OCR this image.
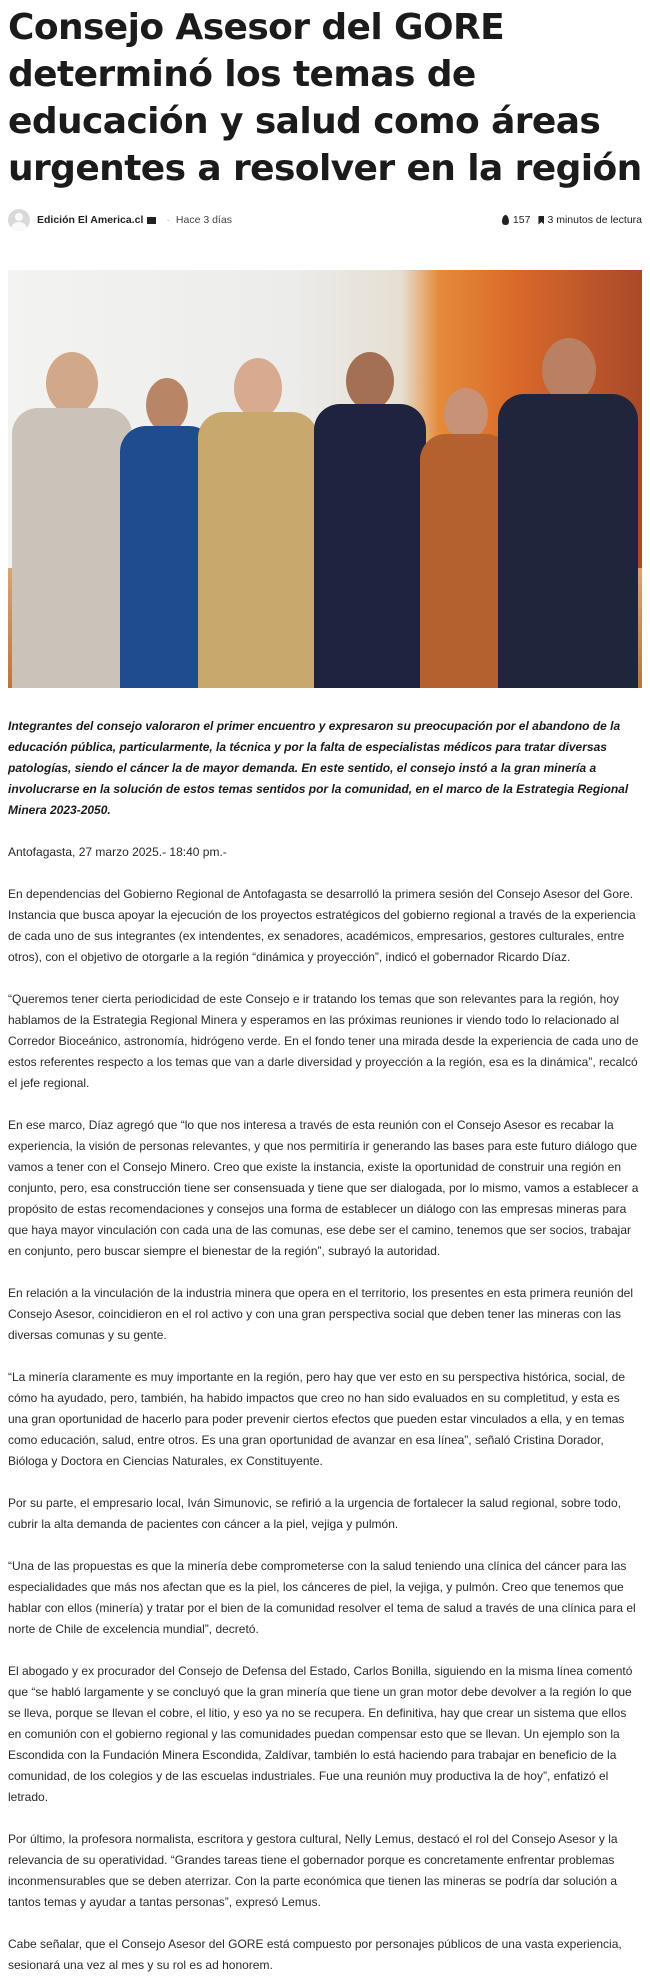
Consejo Asesor del GORE determinó los temas de educación y salud como áreas urgentes a resolver en la región
Edición El America.cl · Hace 3 días	157 3 minutos de lectura

Integrantes del consejo valoraron el primer encuentro y expresaron su preocupación por el abandono de la educación pública, particularmente, la técnica y por la falta de especialistas médicos para tratar diversas patologías, siendo el cáncer la de mayor demanda. En este sentido, el consejo instó a la gran minería a involucrarse en la solución de estos temas sentidos por la comunidad, en el marco de la Estrategia Regional Minera 2023-2050.

Antofagasta, 27 marzo 2025.- 18:40 pm.-

En dependencias del Gobierno Regional de Antofagasta se desarrolló la primera sesión del Consejo Asesor del Gore. Instancia que busca apoyar la ejecución de los proyectos estratégicos del gobierno regional a través de la experiencia de cada uno de sus integrantes (ex intendentes, ex senadores, académicos, empresarios, gestores culturales, entre otros), con el objetivo de otorgarle a la región “dinámica y proyección”, indicó el gobernador Ricardo Díaz.

“Queremos tener cierta periodicidad de este Consejo e ir tratando los temas que son relevantes para la región, hoy hablamos de la Estrategia Regional Minera y esperamos en las próximas reuniones ir viendo todo lo relacionado al Corredor Bioceánico, astronomía, hidrógeno verde. En el fondo tener una mirada desde la experiencia de cada uno de estos referentes respecto a los temas que van a darle diversidad y proyección a la región, esa es la dinámica”, recalcó el jefe regional.

En ese marco, Díaz agregó que “lo que nos interesa a través de esta reunión con el Consejo Asesor es recabar la experiencia, la visión de personas relevantes, y que nos permitiría ir generando las bases para este futuro diálogo que vamos a tener con el Consejo Minero. Creo que existe la instancia, existe la oportunidad de construir una región en conjunto, pero, esa construcción tiene ser consensuada y tiene que ser dialogada, por lo mismo, vamos a establecer a propósito de estas recomendaciones y consejos una forma de establecer un diálogo con las empresas mineras para que haya mayor vinculación con cada una de las comunas, ese debe ser el camino, tenemos que ser socios, trabajar en conjunto, pero buscar siempre el bienestar de la región”, subrayó la autoridad.

En relación a la vinculación de la industria minera que opera en el territorio, los presentes en esta primera reunión del Consejo Asesor, coincidieron en el rol activo y con una gran perspectiva social que deben tener las mineras con las diversas comunas y su gente.

“La minería claramente es muy importante en la región, pero hay que ver esto en su perspectiva histórica, social, de cómo ha ayudado, pero, también, ha habido impactos que creo no han sido evaluados en su completitud, y esta es una gran oportunidad de hacerlo para poder prevenir ciertos efectos que pueden estar vinculados a ella, y en temas como educación, salud, entre otros. Es una gran oportunidad de avanzar en esa línea”, señaló Cristina Dorador, Bióloga y Doctora en Ciencias Naturales, ex Constituyente.

Por su parte, el empresario local, Iván Simunovic, se refirió a la urgencia de fortalecer la salud regional, sobre todo, cubrir la alta demanda de pacientes con cáncer a la piel, vejiga y pulmón.

“Una de las propuestas es que la minería debe comprometerse con la salud teniendo una clínica del cáncer para las especialidades que más nos afectan que es la piel, los cánceres de piel, la vejiga, y pulmón. Creo que tenemos que hablar con ellos (minería) y tratar por el bien de la comunidad resolver el tema de salud a través de una clínica para el norte de Chile de excelencia mundial”, decretó.

El abogado y ex procurador del Consejo de Defensa del Estado, Carlos Bonilla, siguiendo en la misma línea comentó que “se habló largamente y se concluyó que la gran minería que tiene un gran motor debe devolver a la región lo que se lleva, porque se llevan el cobre, el litio, y eso ya no se recupera. En definitiva, hay que crear un sistema que ellos en comunión con el gobierno regional y las comunidades puedan compensar esto que se llevan. Un ejemplo son la Escondida con la Fundación Minera Escondida, Zaldívar, también lo está haciendo para trabajar en beneficio de la comunidad, de los colegios y de las escuelas industriales. Fue una reunión muy productiva la de hoy”, enfatizó el letrado.

Por último, la profesora normalista, escritora y gestora cultural, Nelly Lemus, destacó el rol del Consejo Asesor y la relevancia de su operatividad. “Grandes tareas tiene el gobernador porque es concretamente enfrentar problemas inconmensurables que se deben aterrizar. Con la parte económica que tienen las mineras se podría dar solución a tantos temas y ayudar a tantas personas”, expresó Lemus.

Cabe señalar, que el Consejo Asesor del GORE está compuesto por personajes públicos de una vasta experiencia, sesionará una vez al mes y su rol es ad honorem.
